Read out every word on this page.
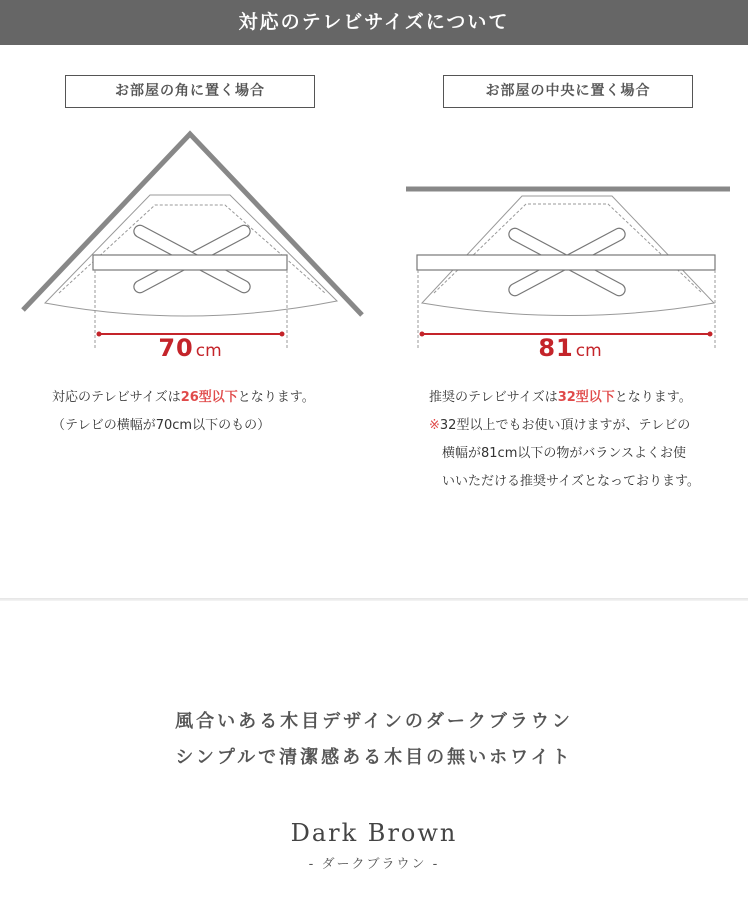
対応のテレビサイズについて
お部屋の角に置く場合	お部屋の中央に置く場合
70 cm	81 cm
対応のテレビサイズは26型以下となります。
（テレビの横幅が70cm以下のもの）
推奨のテレビサイズは32型以下となります。
※32型以上でもお使い頂けますが、テレビの
横幅が81cm以下の物がバランスよくお使
いいただける推奨サイズとなっております。
風合いある木目デザインのダークブラウン
シンプルで清潔感ある木目の無いホワイト
Dark Brown
- ダークブラウン -
